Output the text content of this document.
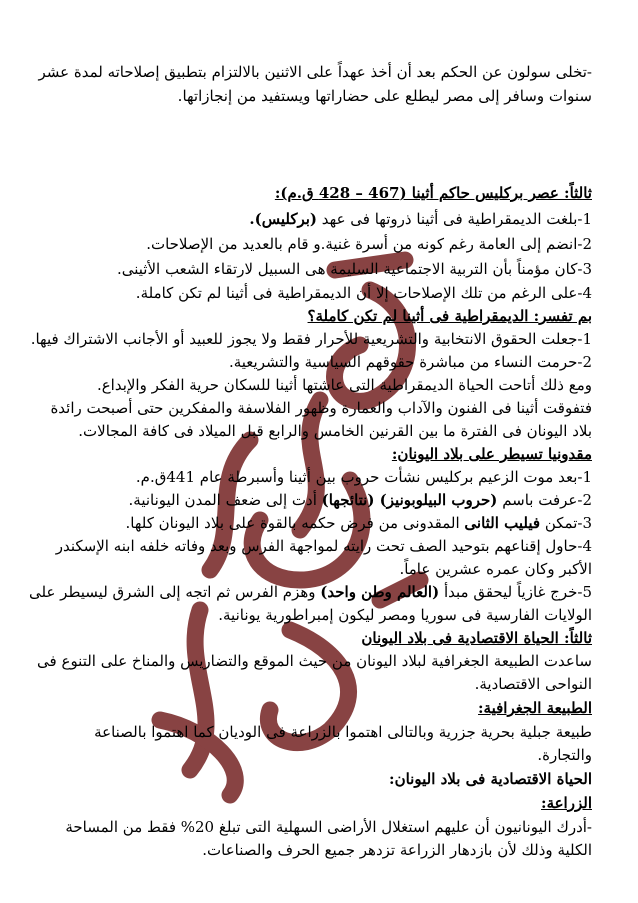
-تخلى سولون عن الحكم بعد أن أخذ عهداً على الاثنين بالالتزام بتطبيق إصلاحاته لمدة عشر
سنوات وسافر إلى مصر ليطلع على حضاراتها ويستفيد من إنجازاتها.
ثالثاً: عصر بركليس حاكم أثينا (467 – 428 ق.م):
1-بلغت الديمقراطية فى أثينا ذروتها فى عهد (بركليس).
2-انضم إلى العامة رغم كونه من أسرة غنية.و قام بالعديد من الإصلاحات.
3-كان مؤمناً بأن التربية الاجتماعية السليمة هى السبيل لارتقاء الشعب الأثينى.
4-على الرغم من تلك الإصلاحات إلا أن الديمقراطية فى أثينا لم تكن كاملة.
بم تفسر: الديمقراطية فى أثينا لم تكن كاملة؟
1-جعلت الحقوق الانتخابية والتشريعية للأحرار فقط ولا يجوز للعبيد أو الأجانب الاشتراك فيها.
2-حرمت النساء من مباشرة حقوقهم السياسية والتشريعية.
ومع ذلك أتاحت الحياة الديمقراطية التى عاشتها أثينا للسكان حرية الفكر والإبداع.
فتفوقت أثينا فى الفنون والآداب والعمارة وظهور الفلاسفة والمفكرين حتى أصبحت رائدة
بلاد اليونان فى الفترة ما بين القرنين الخامس والرابع قبل الميلاد فى كافة المجالات.
مقدونيا تسيطر على بلاد اليونان:
1-بعد موت الزعيم بركليس نشأت حروب بين أثينا وأسبرطة عام 441ق.م.
2-عرفت باسم (حروب البيلوبونيز) (نتائجها) أدت إلى ضعف المدن اليونانية.
3-تمكن فيليب الثانى المقدونى من فرض حكمه بالقوة على بلاد اليونان كلها.
4-حاول إقناعهم بتوحيد الصف تحت رايته لمواجهة الفرس وبعد وفاته خلفه ابنه الإسكندر
الأكبر وكان عمره عشرين عاماً.
5-خرج غازياً ليحقق مبدأ (العالم وطن واحد) وهزم الفرس ثم اتجه إلى الشرق ليسيطر على
الولايات الفارسية فى سوريا ومصر ليكون إمبراطورية يونانية.
ثالثاً: الحياة الاقتصادية فى بلاد اليونان
ساعدت الطبيعة الجغرافية لبلاد اليونان من حيث الموقع والتضاريس والمناخ على التنوع فى
النواحى الاقتصادية.
الطبيعة الجغرافية:
طبيعة جبلية بحرية جزرية وبالتالى اهتموا بالزراعة فى الوديان كما اهتموا بالصناعة
والتجارة.
الحياة الاقتصادية فى بلاد اليونان:
الزراعة:
-أدرك اليونانيون أن عليهم استغلال الأراضى السهلية التى تبلغ 20% فقط من المساحة
الكلية وذلك لأن بازدهار الزراعة تزدهر جميع الحرف والصناعات.
